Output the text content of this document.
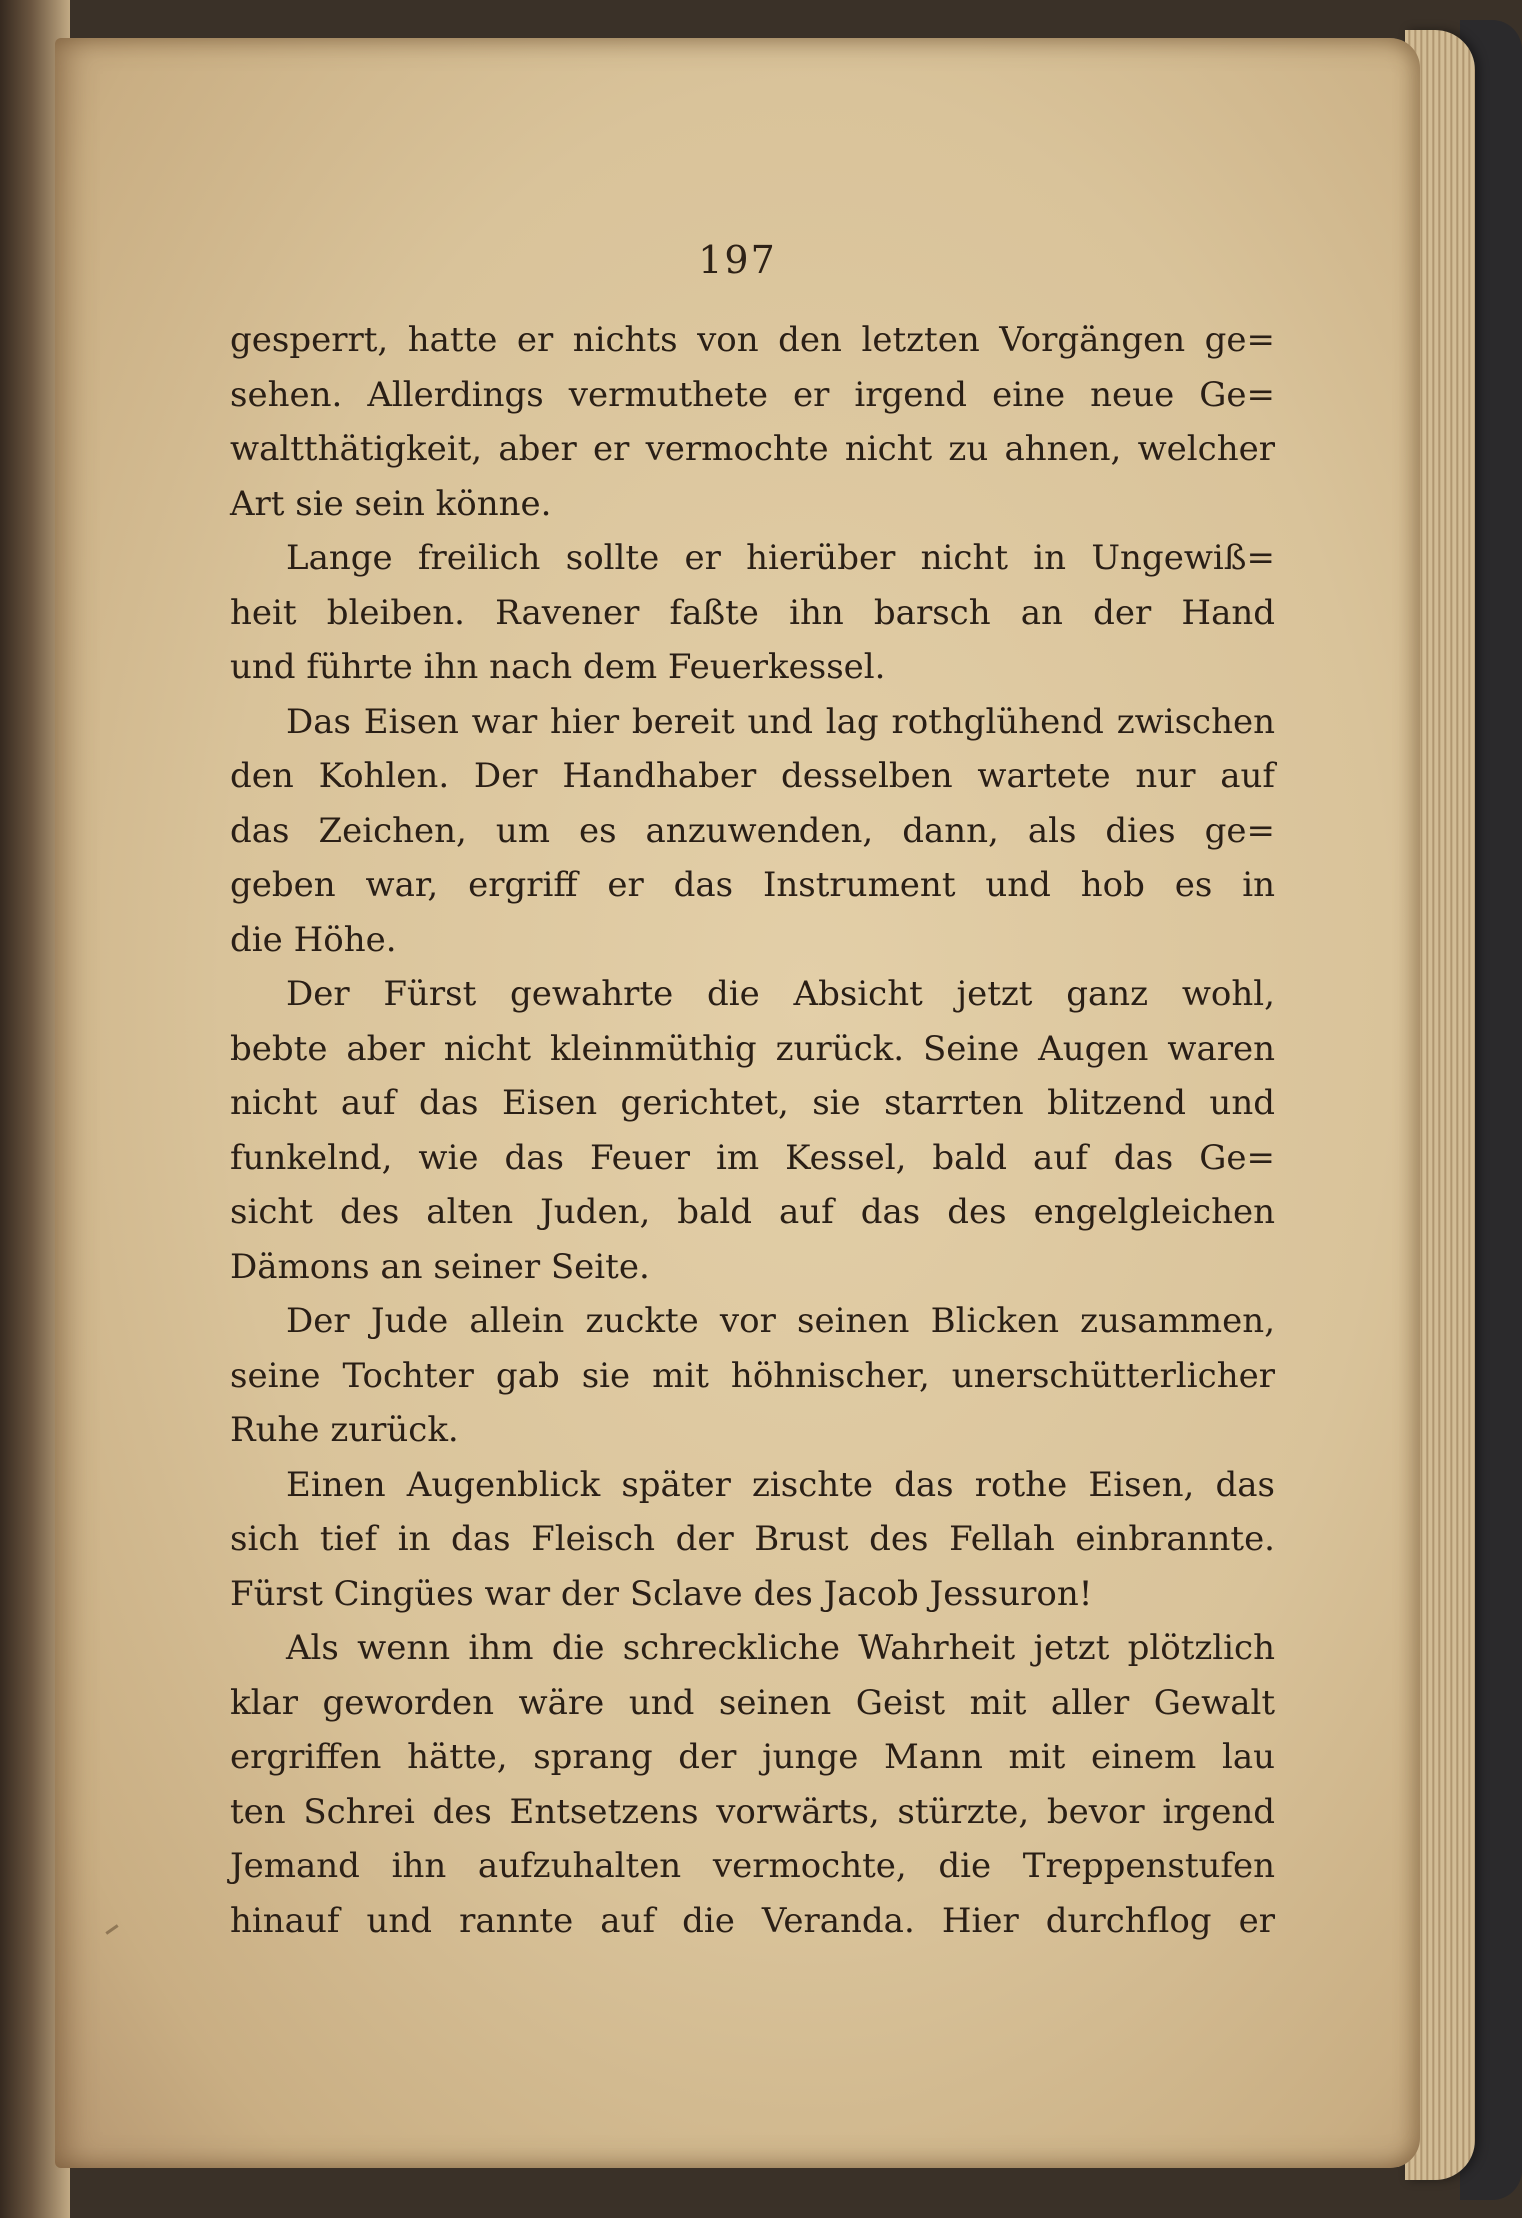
197
gesperrt, hatte er nichts von den letzten Vorgängen ge=
sehen. Allerdings vermuthete er irgend eine neue Ge=
waltthätigkeit, aber er vermochte nicht zu ahnen, welcher
Art sie sein könne.
Lange freilich sollte er hierüber nicht in Ungewiß=
heit bleiben. Ravener faßte ihn barsch an der Hand
und führte ihn nach dem Feuerkessel.
Das Eisen war hier bereit und lag rothglühend zwischen
den Kohlen. Der Handhaber desselben wartete nur auf
das Zeichen, um es anzuwenden, dann, als dies ge=
geben war, ergriff er das Instrument und hob es in
die Höhe.
Der Fürst gewahrte die Absicht jetzt ganz wohl,
bebte aber nicht kleinmüthig zurück. Seine Augen waren
nicht auf das Eisen gerichtet, sie starrten blitzend und
funkelnd, wie das Feuer im Kessel, bald auf das Ge=
sicht des alten Juden, bald auf das des engelgleichen
Dämons an seiner Seite.
Der Jude allein zuckte vor seinen Blicken zusammen,
seine Tochter gab sie mit höhnischer, unerschütterlicher
Ruhe zurück.
Einen Augenblick später zischte das rothe Eisen, das
sich tief in das Fleisch der Brust des Fellah einbrannte.
Fürst Cingües war der Sclave des Jacob Jessuron!
Als wenn ihm die schreckliche Wahrheit jetzt plötzlich
klar geworden wäre und seinen Geist mit aller Gewalt
ergriffen hätte, sprang der junge Mann mit einem lau
ten Schrei des Entsetzens vorwärts, stürzte, bevor irgend
Jemand ihn aufzuhalten vermochte, die Treppenstufen
hinauf und rannte auf die Veranda. Hier durchflog er
